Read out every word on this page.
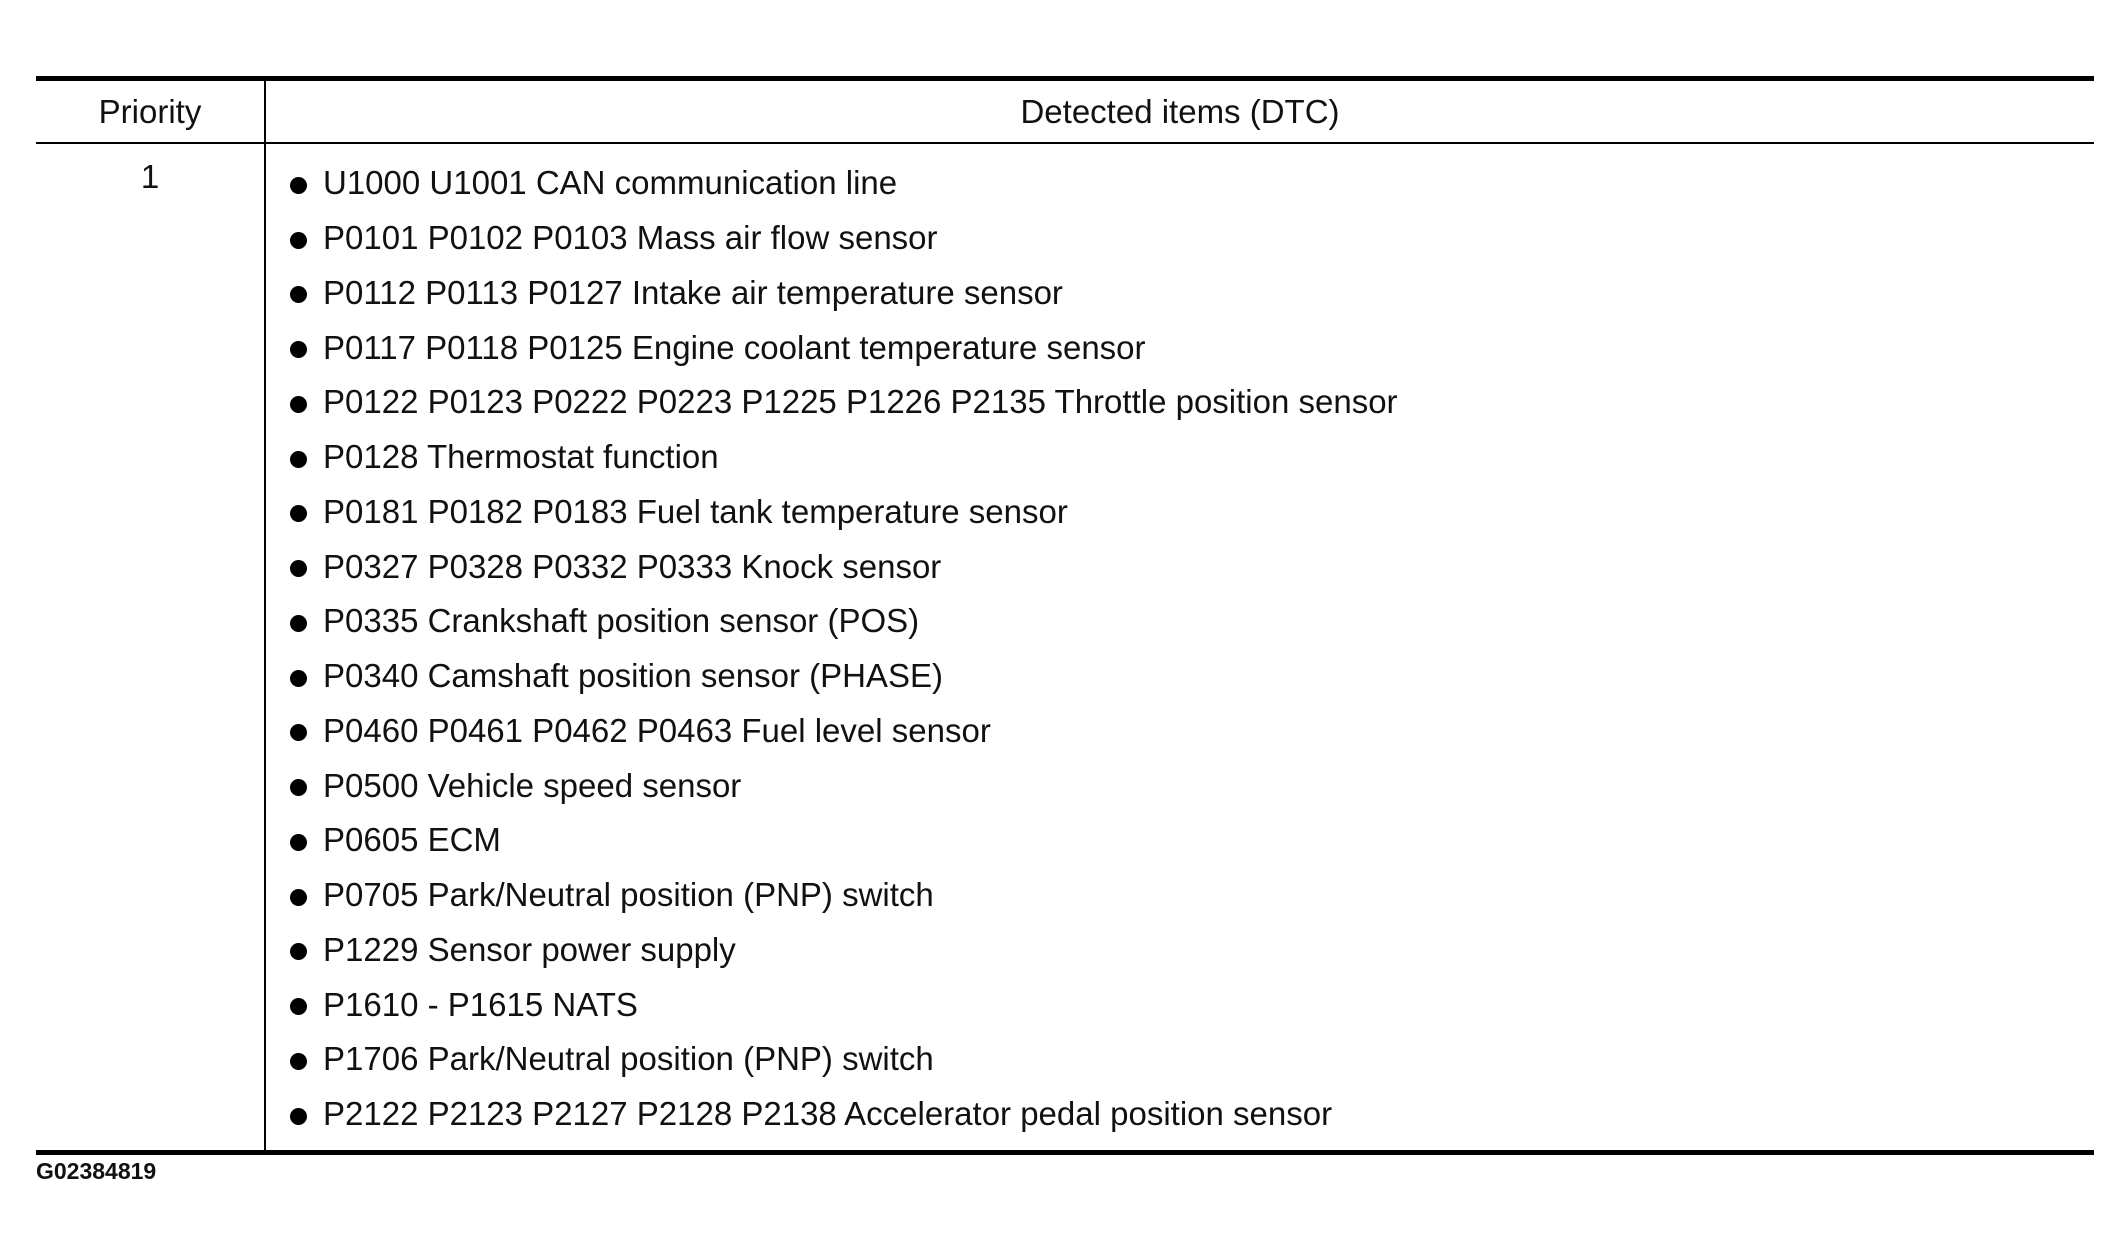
Priority	Detected items (DTC)
1	U1000 U1001 CAN communication line
P0101 P0102 P0103 Mass air flow sensor
P0112 P0113 P0127 Intake air temperature sensor
P0117 P0118 P0125 Engine coolant temperature sensor
P0122 P0123 P0222 P0223 P1225 P1226 P2135 Throttle position sensor
P0128 Thermostat function
P0181 P0182 P0183 Fuel tank temperature sensor
P0327 P0328 P0332 P0333 Knock sensor
P0335 Crankshaft position sensor (POS)
P0340 Camshaft position sensor (PHASE)
P0460 P0461 P0462 P0463 Fuel level sensor
P0500 Vehicle speed sensor
P0605 ECM
P0705 Park/Neutral position (PNP) switch
P1229 Sensor power supply
P1610 - P1615 NATS
P1706 Park/Neutral position (PNP) switch
P2122 P2123 P2127 P2128 P2138 Accelerator pedal position sensor
G02384819
